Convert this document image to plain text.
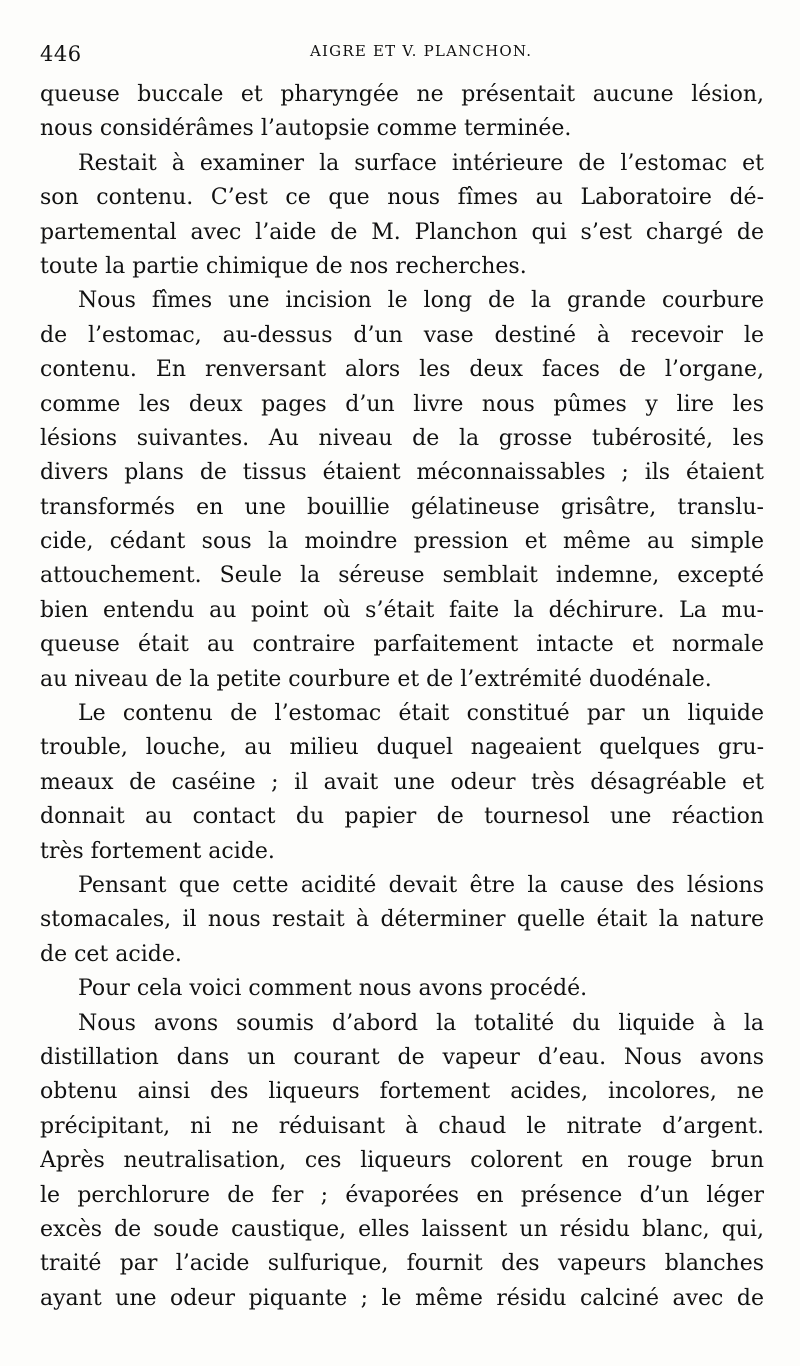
446	AIGRE ET V. PLANCHON.
queuse buccale et pharyngée ne présentait aucune lésion,
nous considérâmes l’autopsie comme terminée.
Restait à examiner la surface intérieure de l’estomac et
son contenu. C’est ce que nous fîmes au Laboratoire dé-
partemental avec l’aide de M. Planchon qui s’est chargé de
toute la partie chimique de nos recherches.
Nous fîmes une incision le long de la grande courbure
de l’estomac, au-dessus d’un vase destiné à recevoir le
contenu. En renversant alors les deux faces de l’organe,
comme les deux pages d’un livre nous pûmes y lire les
lésions suivantes. Au niveau de la grosse tubérosité, les
divers plans de tissus étaient méconnaissables ; ils étaient
transformés en une bouillie gélatineuse grisâtre, translu-
cide, cédant sous la moindre pression et même au simple
attouchement. Seule la séreuse semblait indemne, excepté
bien entendu au point où s’était faite la déchirure. La mu-
queuse était au contraire parfaitement intacte et normale
au niveau de la petite courbure et de l’extrémité duodénale.
Le contenu de l’estomac était constitué par un liquide
trouble, louche, au milieu duquel nageaient quelques gru-
meaux de caséine ; il avait une odeur très désagréable et
donnait au contact du papier de tournesol une réaction
très fortement acide.
Pensant que cette acidité devait être la cause des lésions
stomacales, il nous restait à déterminer quelle était la nature
de cet acide.
Pour cela voici comment nous avons procédé.
Nous avons soumis d’abord la totalité du liquide à la
distillation dans un courant de vapeur d’eau. Nous avons
obtenu ainsi des liqueurs fortement acides, incolores, ne
précipitant, ni ne réduisant à chaud le nitrate d’argent.
Après neutralisation, ces liqueurs colorent en rouge brun
le perchlorure de fer ; évaporées en présence d’un léger
excès de soude caustique, elles laissent un résidu blanc, qui,
traité par l’acide sulfurique, fournit des vapeurs blanches
ayant une odeur piquante ; le même résidu calciné avec de
